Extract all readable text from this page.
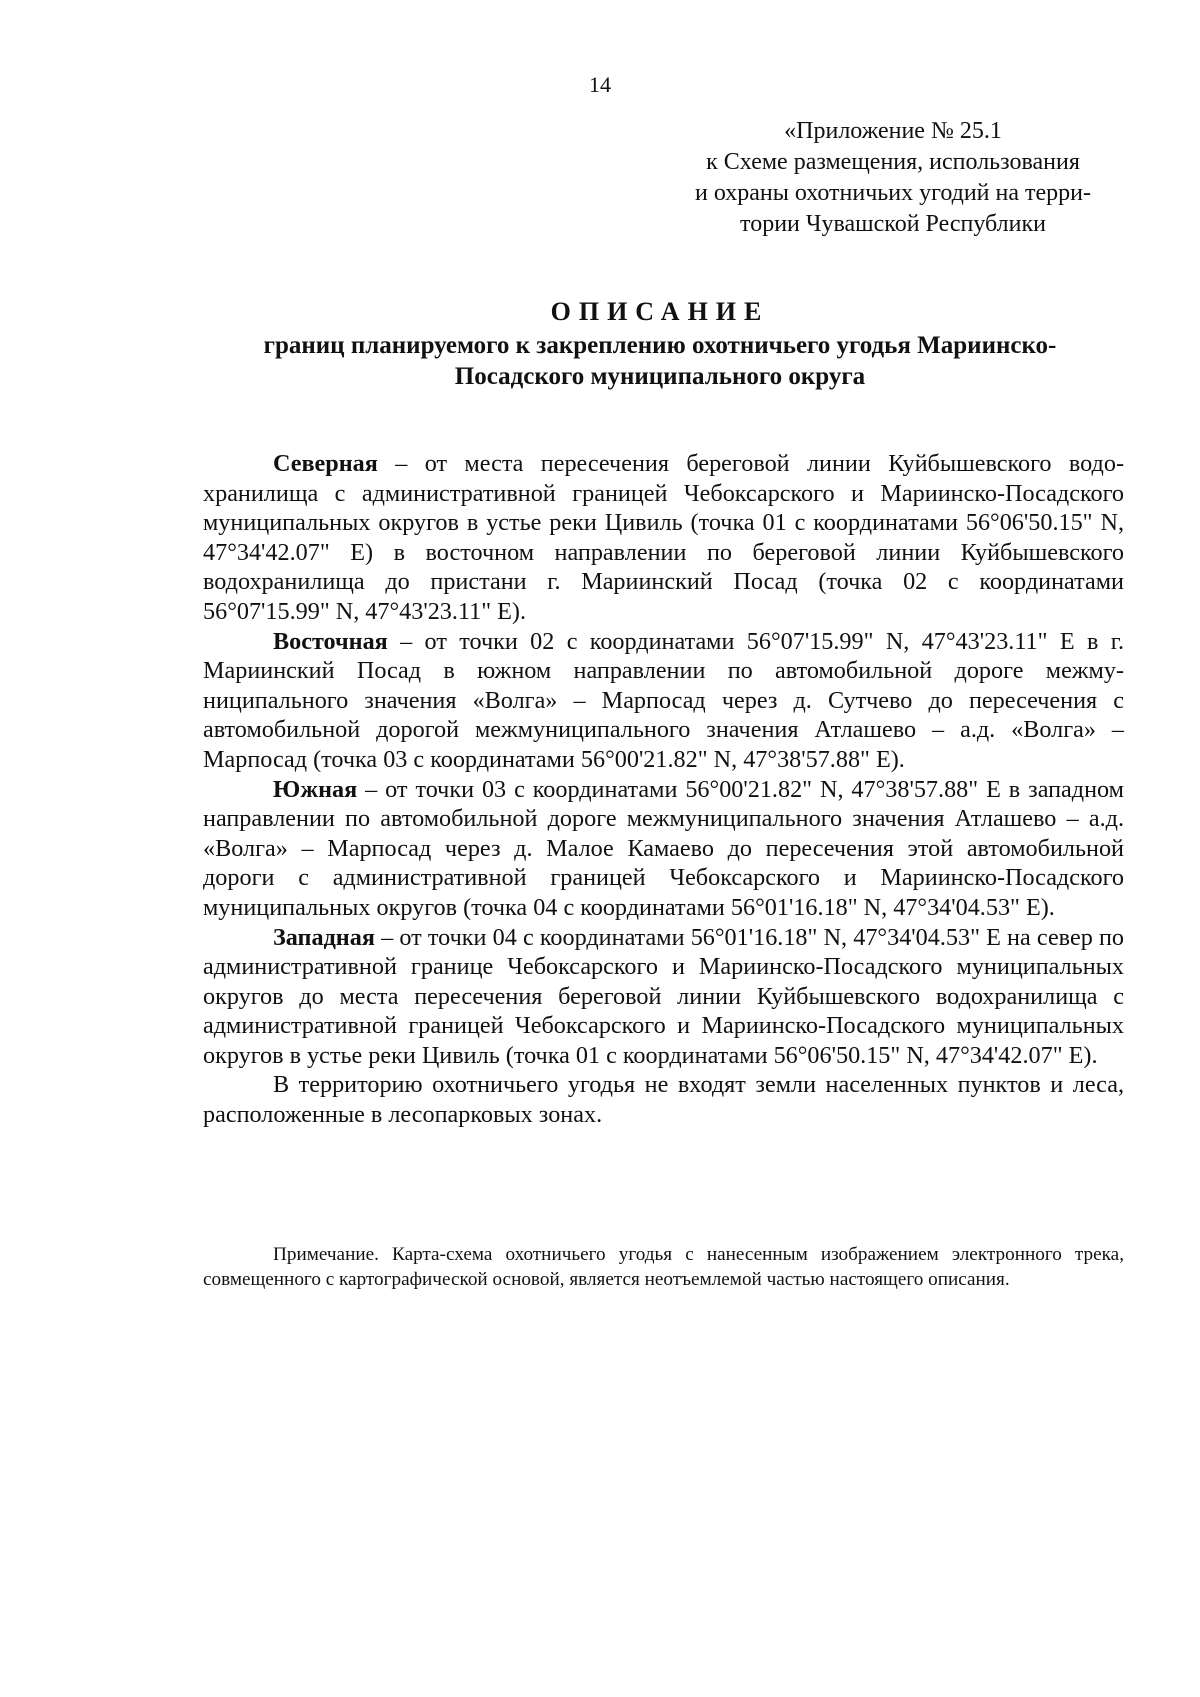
14
«Приложение № 25.1
к Схеме размещения, использования
и охраны охотничьих угодий на терри-
тории Чувашской Республики
ОПИСАНИЕ
границ планируемого к закреплению охотничьего угодья Мариинско-
Посадского муниципального округа

Северная – от места пересечения береговой линии Куйбышевского водохранилища с административной границей Чебоксарского и Мариинско-Посадского муниципальных округов в устье реки Цивиль (точка 01 с координатами 56°06'50.15" N, 47°34'42.07" E) в восточном направлении по береговой линии Куйбышевского водохранилища до пристани г. Мариинский Посад (точка 02 с координатами 56°07'15.99" N, 47°43'23.11" E).

Восточная – от точки 02 с координатами 56°07'15.99" N, 47°43'23.11" E в г. Мариинский Посад в южном направлении по автомобильной дороге межмуниципального значения «Волга» – Марпосад через д. Сутчево до пересечения с автомобильной дорогой межмуниципального значения Атлашево – а.д. «Волга» – Марпосад (точка 03 с координатами 56°00'21.82" N, 47°38'57.88" E).

Южная – от точки 03 с координатами 56°00'21.82" N, 47°38'57.88" E в западном направлении по автомобильной дороге межмуниципального значения Атлашево – а.д. «Волга» – Марпосад через д. Малое Камаево до пересечения этой автомобильной дороги с административной границей Чебоксарского и Мариинско-Посадского муниципальных округов (точка 04 с координатами 56°01'16.18" N, 47°34'04.53" E).

Западная – от точки 04 с координатами 56°01'16.18" N, 47°34'04.53" E на север по административной границе Чебоксарского и Мариинско-Посадского муниципальных округов до места пересечения береговой линии Куйбышевского водохранилища с административной границей Чебоксарского и Мариинско-Посадского муниципальных округов в устье реки Цивиль (точка 01 с координатами 56°06'50.15" N, 47°34'42.07" E).

В территорию охотничьего угодья не входят земли населенных пунктов и леса, расположенные в лесопарковых зонах.

Примечание. Карта-схема охотничьего угодья с нанесенным изображением электронного трека, совмещенного с картографической основой, является неотъемлемой частью настоящего описания.
